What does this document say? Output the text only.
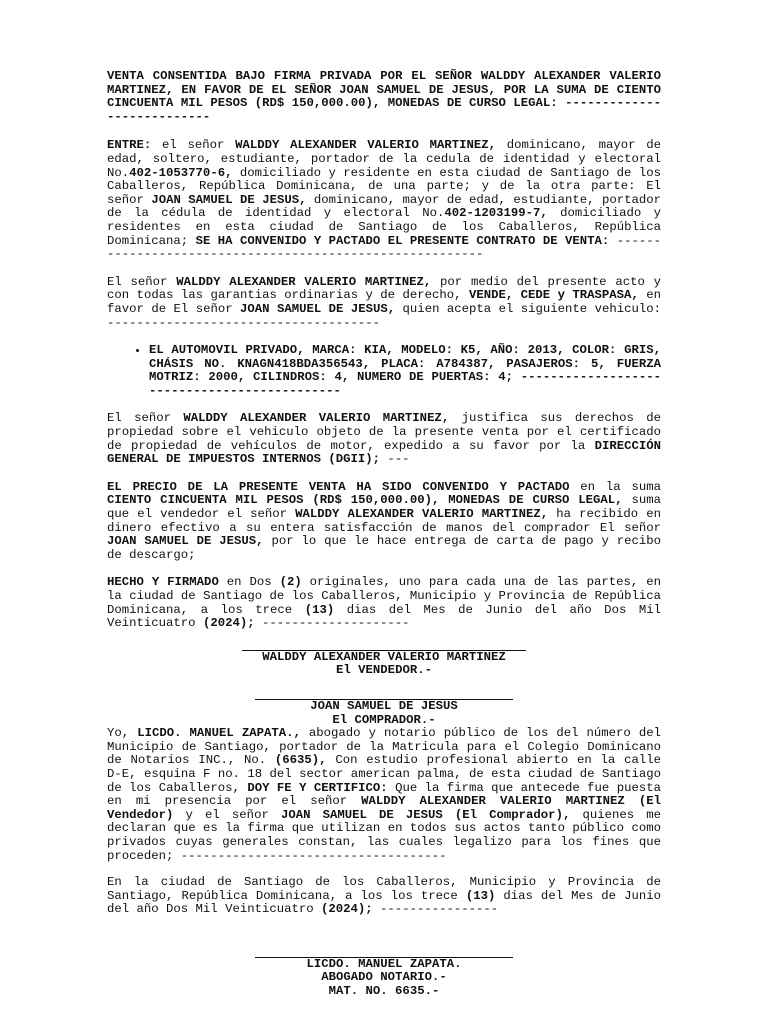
VENTA CONSENTIDA BAJO FIRMA PRIVADA POR EL SEÑOR WALDDY ALEXANDER VALERIO MARTINEZ, EN FAVOR DE EL SEÑOR JOAN SAMUEL DE JESUS, POR LA SUMA DE CIENTO CINCUENTA MIL PESOS (RD$ 150,000.00), MONEDAS DE CURSO LEGAL: ---------------------------

ENTRE: el señor WALDDY ALEXANDER VALERIO MARTINEZ, dominicano, mayor de edad, soltero, estudiante, portador de la cedula de identidad y electoral No.402-1053770-6, domiciliado y residente en esta ciudad de Santiago de los Caballeros, República Dominicana, de una parte; y de la otra parte: El señor JOAN SAMUEL DE JESUS, dominicano, mayor de edad, estudiante, portador de la cédula de identidad y electoral No.402-1203199-7, domiciliado y residentes en esta ciudad de Santiago de los Caballeros, República Dominicana; SE HA CONVENIDO Y PACTADO EL PRESENTE CONTRATO DE VENTA: ---------------------------------------------------------

El señor WALDDY ALEXANDER VALERIO MARTINEZ, por medio del presente acto y con todas las garantias ordinarias y de derecho, VENDE, CEDE y TRASPASA, en favor de El señor JOAN SAMUEL DE JESUS, quien acepta el siguiente vehiculo: -------------------------------------

• EL AUTOMOVIL PRIVADO, MARCA: KIA, MODELO: K5, AÑO: 2013, COLOR: GRIS, CHÁSIS NO. KNAGN418BDA356543, PLACA: A784387, PASAJEROS: 5, FUERZA MOTRIZ: 2000, CILINDROS: 4, NUMERO DE PUERTAS: 4; ---------------------------------------------

El señor WALDDY ALEXANDER VALERIO MARTINEZ, justifica sus derechos de propiedad sobre el vehiculo objeto de la presente venta por el certificado de propiedad de vehículos de motor, expedido a su favor por la DIRECCIÓN GENERAL DE IMPUESTOS INTERNOS (DGII); ---

EL PRECIO DE LA PRESENTE VENTA HA SIDO CONVENIDO Y PACTADO en la suma CIENTO CINCUENTA MIL PESOS (RD$ 150,000.00), MONEDAS DE CURSO LEGAL, suma que el vendedor el señor WALDDY ALEXANDER VALERIO MARTINEZ, ha recibido en dinero efectivo a su entera satisfacción de manos del comprador El señor JOAN SAMUEL DE JESUS, por lo que le hace entrega de carta de pago y recibo de descargo;

HECHO Y FIRMADO en Dos (2) originales, uno para cada una de las partes, en la ciudad de Santiago de los Caballeros, Municipio y Provincia de República Dominicana, a los trece (13) dias del Mes de Junio del año Dos Mil Veinticuatro (2024); --------------------

WALDDY ALEXANDER VALERIO MARTINEZ
El VENDEDOR.-
JOAN SAMUEL DE JESUS
El COMPRADOR.-

Yo, LICDO. MANUEL ZAPATA., abogado y notario público de los del número del Municipio de Santiago, portador de la Matricula para el Colegio Dominicano de Notarios INC., No. (6635), Con estudio profesional abierto en la calle D-E, esquina F no. 18 del sector american palma, de esta ciudad de Santiago de los Caballeros, DOY FE Y CERTIFICO: Que la firma que antecede fue puesta en mi presencia por el señor WALDDY ALEXANDER VALERIO MARTINEZ (El Vendedor) y el señor JOAN SAMUEL DE JESUS (El Comprador), quienes me declaran que es la firma que utilizan en todos sus actos tanto público como privados cuyas generales constan, las cuales legalizo para los fines que proceden; ------------------------------------

En la ciudad de Santiago de los Caballeros, Municipio y Provincia de Santiago, República Dominicana, a los los trece (13) dias del Mes de Junio del año Dos Mil Veinticuatro (2024); ----------------

LICDO. MANUEL ZAPATA.
ABOGADO NOTARIO.-
MAT. NO. 6635.-
